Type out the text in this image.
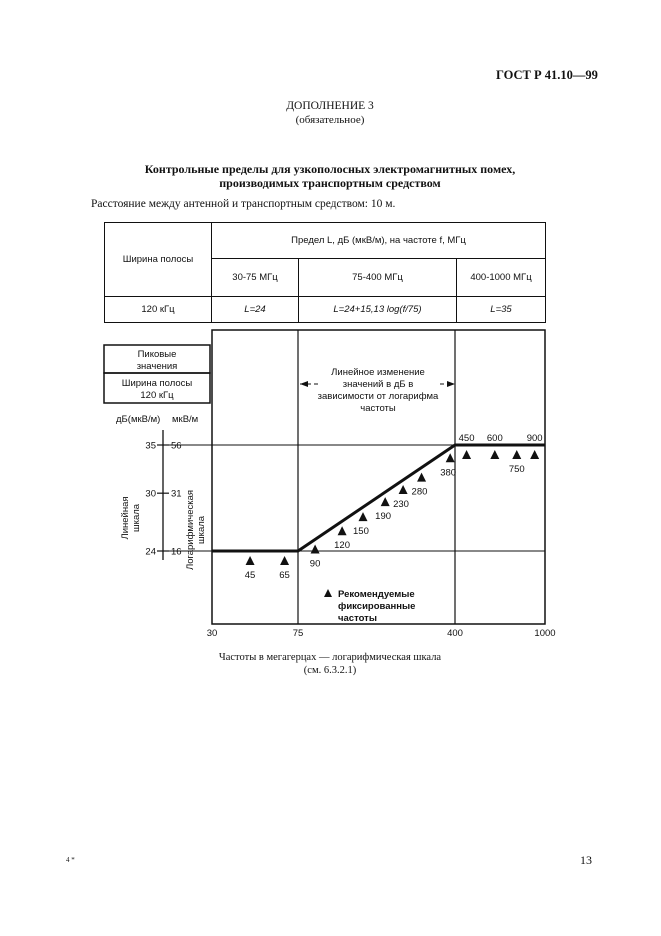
ГОСТ Р 41.10—99
ДОПОЛНЕНИЕ 3
(обязательное)
Контрольные пределы для узкополосных электромагнитных помех,
производимых транспортным средством
Расстояние между антенной и транспортным средством: 10 м.
Ширина полосы	Предел L, дБ (мкВ/м), на частоте f, МГц		
	30-75 МГц	75-400 МГц	400-1000 МГц
120 кГц	L=24	L=24+15,13 log(f/75)	L=35
Пиковые
значения
Ширина полосы
120 кГц
дБ(мкВ/м) мкВ/м
24 16
30 31
35 56
Линейная шкала	Логарифмическая шкала
Линейное изменение
значений в дБ в
зависимости от логарифма
частоты
45	65
90
120
150
190
230
280
380
450 600
750
900
Рекомендуемые
фиксированные
частоты
30	75	400	1000
Частоты в мегагерцах — логарифмическая шкала
(см. 6.3.2.1)
4 *	13
